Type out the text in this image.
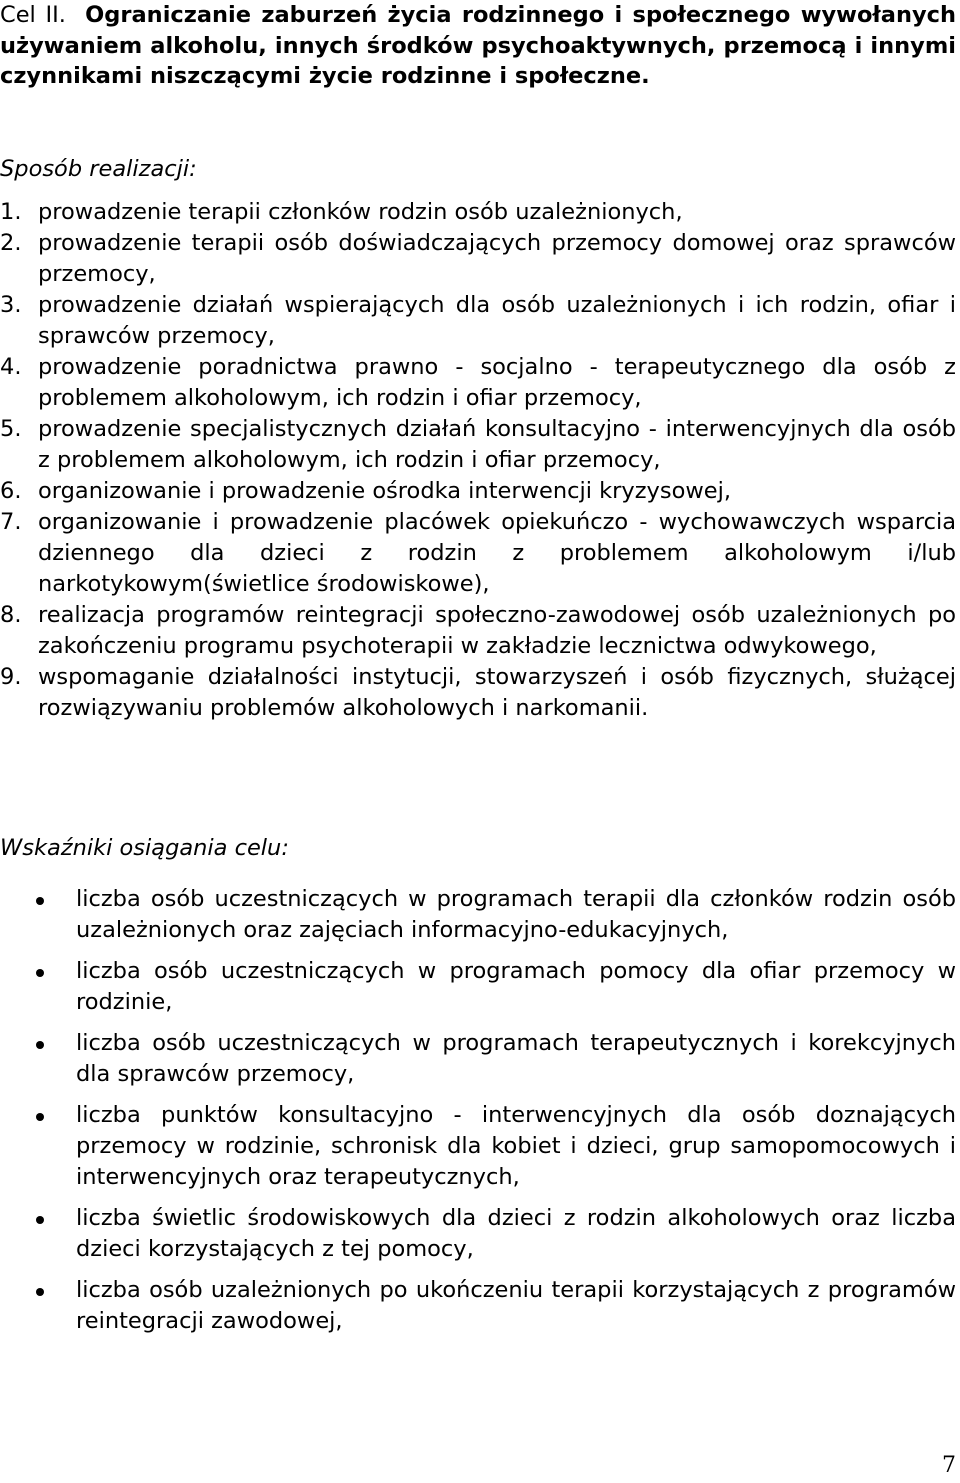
Cel II. Ograniczanie zaburzeń życia rodzinnego i społecznego wywołanych używaniem alkoholu, innych środków psychoaktywnych, przemocą i innymi czynnikami niszczącymi życie rodzinne i społeczne.
Sposób realizacji:
1. prowadzenie terapii członków rodzin osób uzależnionych,
2. prowadzenie terapii osób doświadczających przemocy domowej oraz sprawców przemocy,
3. prowadzenie działań wspierających dla osób uzależnionych i ich rodzin, ofiar i sprawców przemocy,
4. prowadzenie poradnictwa prawno - socjalno - terapeutycznego dla osób z problemem alkoholowym, ich rodzin i ofiar przemocy,
5. prowadzenie specjalistycznych działań konsultacyjno - interwencyjnych dla osób z problemem alkoholowym, ich rodzin i ofiar przemocy,
6. organizowanie i prowadzenie ośrodka interwencji kryzysowej,
7. organizowanie i prowadzenie placówek opiekuńczo - wychowawczych wsparcia dziennego dla dzieci z rodzin z problemem alkoholowym i/lub narkotykowym(świetlice środowiskowe),
8. realizacja programów reintegracji społeczno-zawodowej osób uzależnionych po zakończeniu programu psychoterapii w zakładzie lecznictwa odwykowego,
9. wspomaganie działalności instytucji, stowarzyszeń i osób fizycznych, służącej rozwiązywaniu problemów alkoholowych i narkomanii.
Wskaźniki osiągania celu:
liczba osób uczestniczących w programach terapii dla członków rodzin osób uzależnionych oraz zajęciach informacyjno-edukacyjnych,
liczba osób uczestniczących w programach pomocy dla ofiar przemocy w rodzinie,
liczba osób uczestniczących w programach terapeutycznych i korekcyjnych dla sprawców przemocy,
liczba punktów konsultacyjno - interwencyjnych dla osób doznających przemocy w rodzinie, schronisk dla kobiet i dzieci, grup samopomocowych i interwencyjnych oraz terapeutycznych,
liczba świetlic środowiskowych dla dzieci z rodzin alkoholowych oraz liczba dzieci korzystających z tej pomocy,
liczba osób uzależnionych po ukończeniu terapii korzystających z programów reintegracji zawodowej,
7
